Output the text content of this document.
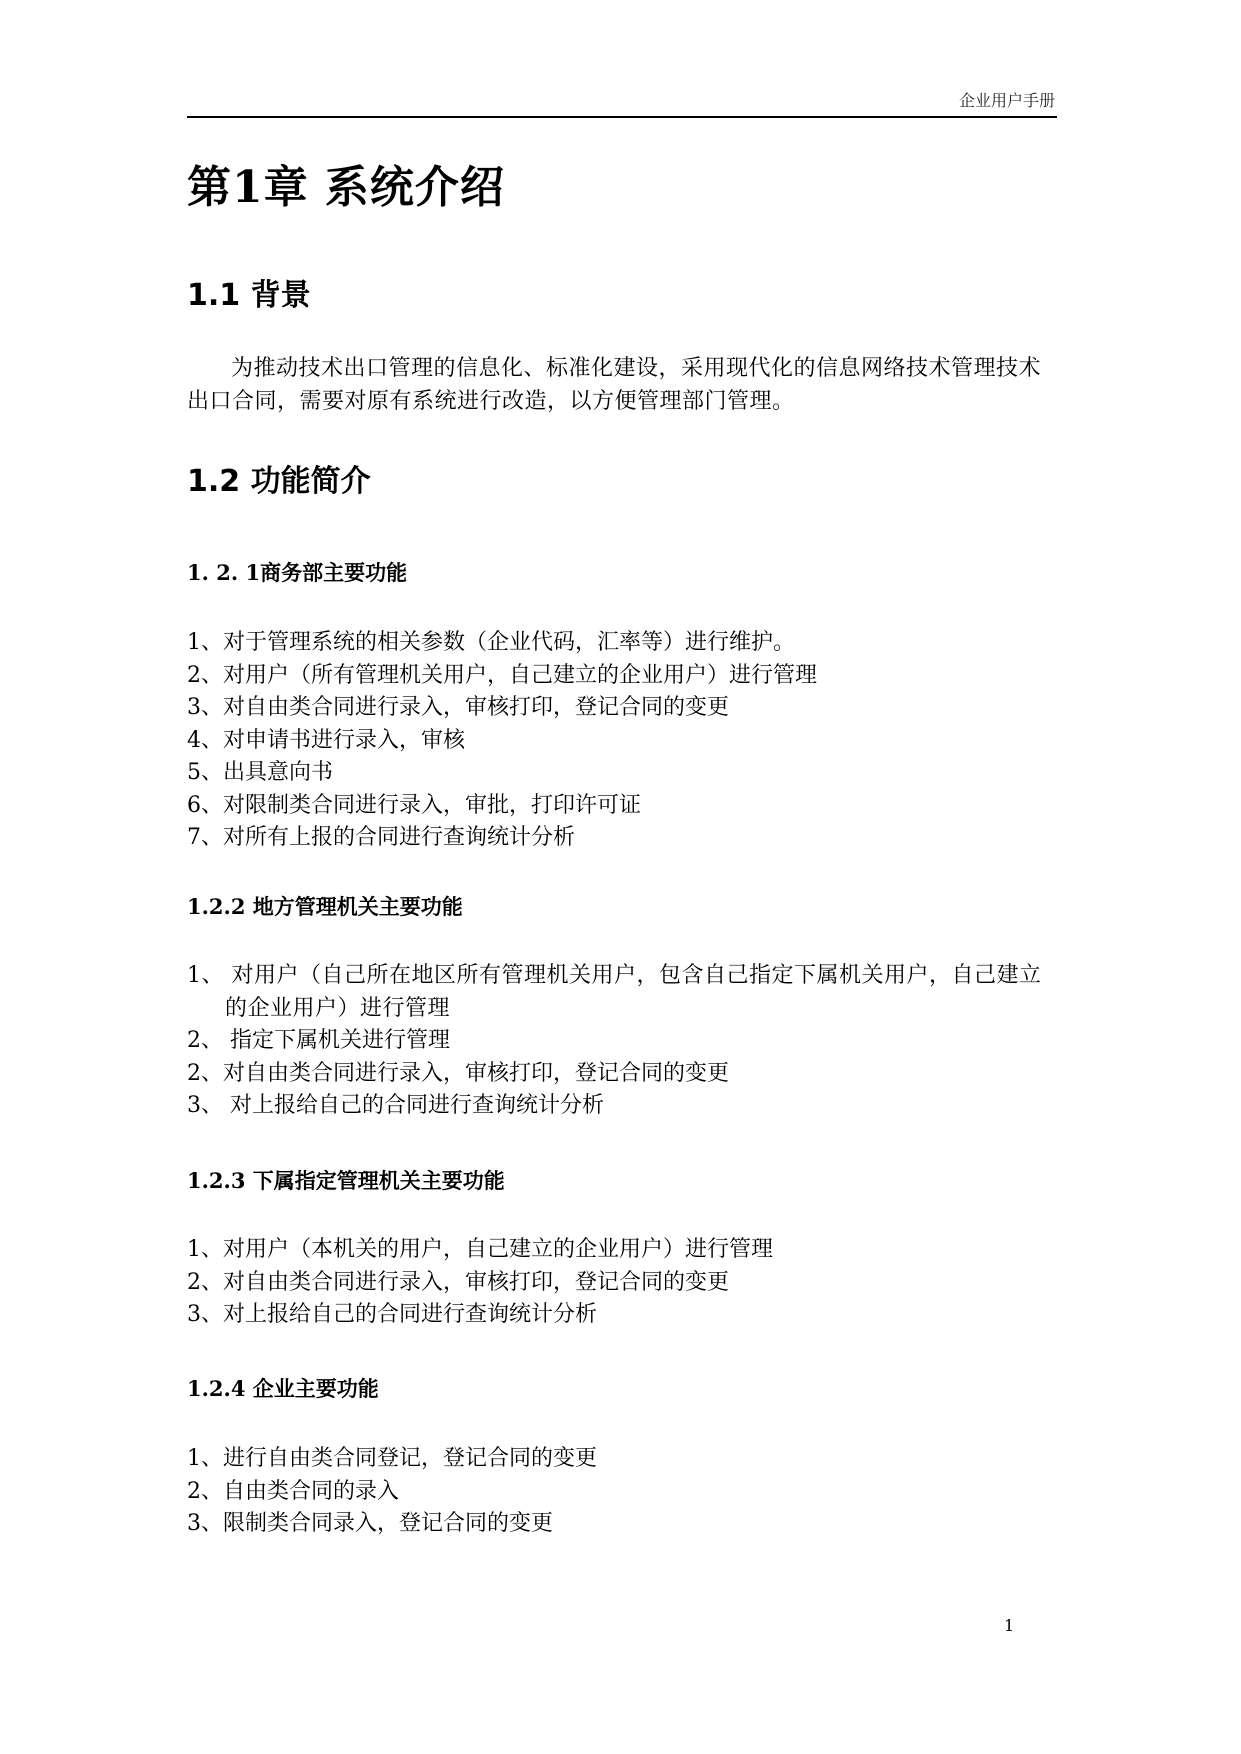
企业用户手册
第1章 系统介绍
1.1 背景
为推动技术出口管理的信息化、标准化建设，采用现代化的信息网络技术管理技术出口合同，需要对原有系统进行改造，以方便管理部门管理。
1.2 功能简介
1. 2. 1商务部主要功能
1、对于管理系统的相关参数（企业代码，汇率等）进行维护。
2、对用户（所有管理机关用户，自己建立的企业用户）进行管理
3、对自由类合同进行录入，审核打印，登记合同的变更
4、对申请书进行录入，审核
5、出具意向书
6、对限制类合同进行录入，审批，打印许可证
7、对所有上报的合同进行查询统计分析
1.2.2 地方管理机关主要功能
1、 对用户（自己所在地区所有管理机关用户，包含自己指定下属机关用户，自己建立的企业用户）进行管理
2、 指定下属机关进行管理
2、对自由类合同进行录入，审核打印，登记合同的变更
3、 对上报给自己的合同进行查询统计分析
1.2.3 下属指定管理机关主要功能
1、对用户（本机关的用户，自己建立的企业用户）进行管理
2、对自由类合同进行录入，审核打印，登记合同的变更
3、对上报给自己的合同进行查询统计分析
1.2.4 企业主要功能
1、进行自由类合同登记，登记合同的变更
2、自由类合同的录入
3、限制类合同录入，登记合同的变更
1
